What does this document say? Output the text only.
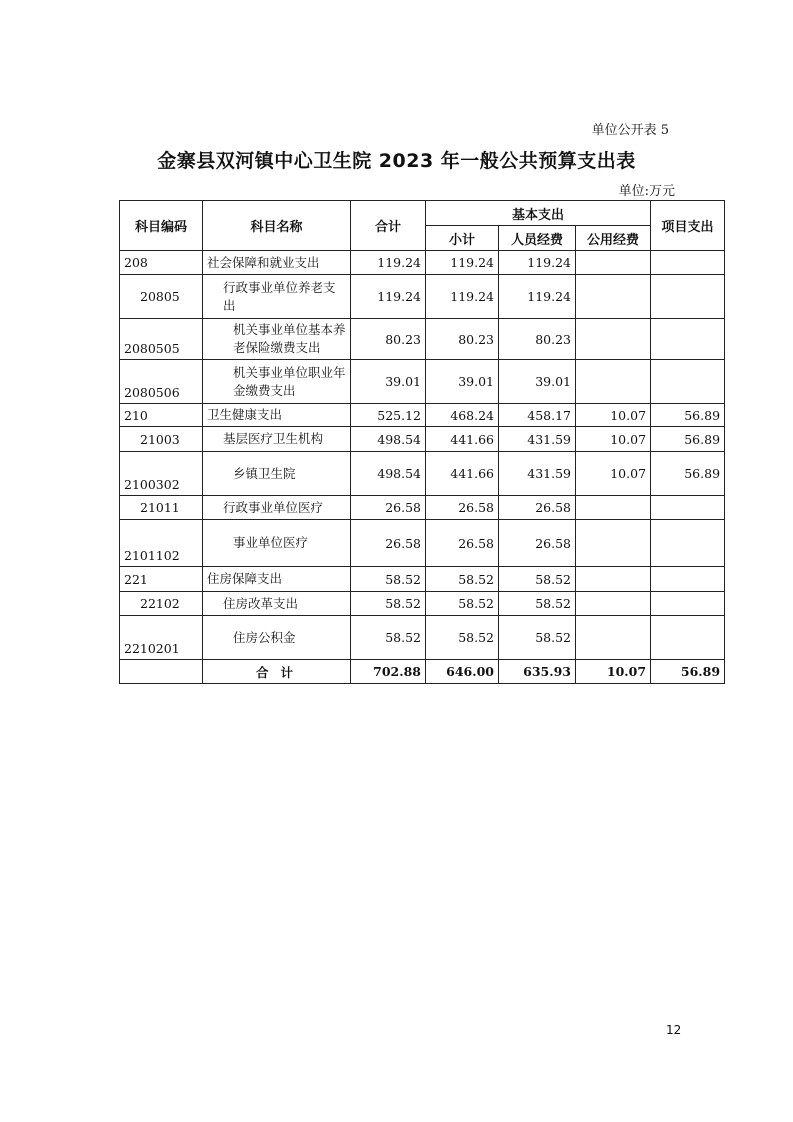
单位公开表 5
金寨县双河镇中心卫生院 2023 年一般公共预算支出表
单位:万元
科目编码	科目名称	合计	基本支出			项目支出
			小计	人员经费	公用经费	
208	社会保障和就业支出	119.24	119.24	119.24		
20805	行政事业单位养老支出	119.24	119.24	119.24		
2080505	机关事业单位基本养老保险缴费支出	80.23	80.23	80.23		
2080506	机关事业单位职业年金缴费支出	39.01	39.01	39.01		
210	卫生健康支出	525.12	468.24	458.17	10.07	56.89
21003	基层医疗卫生机构	498.54	441.66	431.59	10.07	56.89
2100302	乡镇卫生院	498.54	441.66	431.59	10.07	56.89
21011	行政事业单位医疗	26.58	26.58	26.58		
2101102	事业单位医疗	26.58	26.58	26.58		
221	住房保障支出	58.52	58.52	58.52		
22102	住房改革支出	58.52	58.52	58.52		
2210201	住房公积金	58.52	58.52	58.52		
	合计	702.88	646.00	635.93	10.07	56.89
12
